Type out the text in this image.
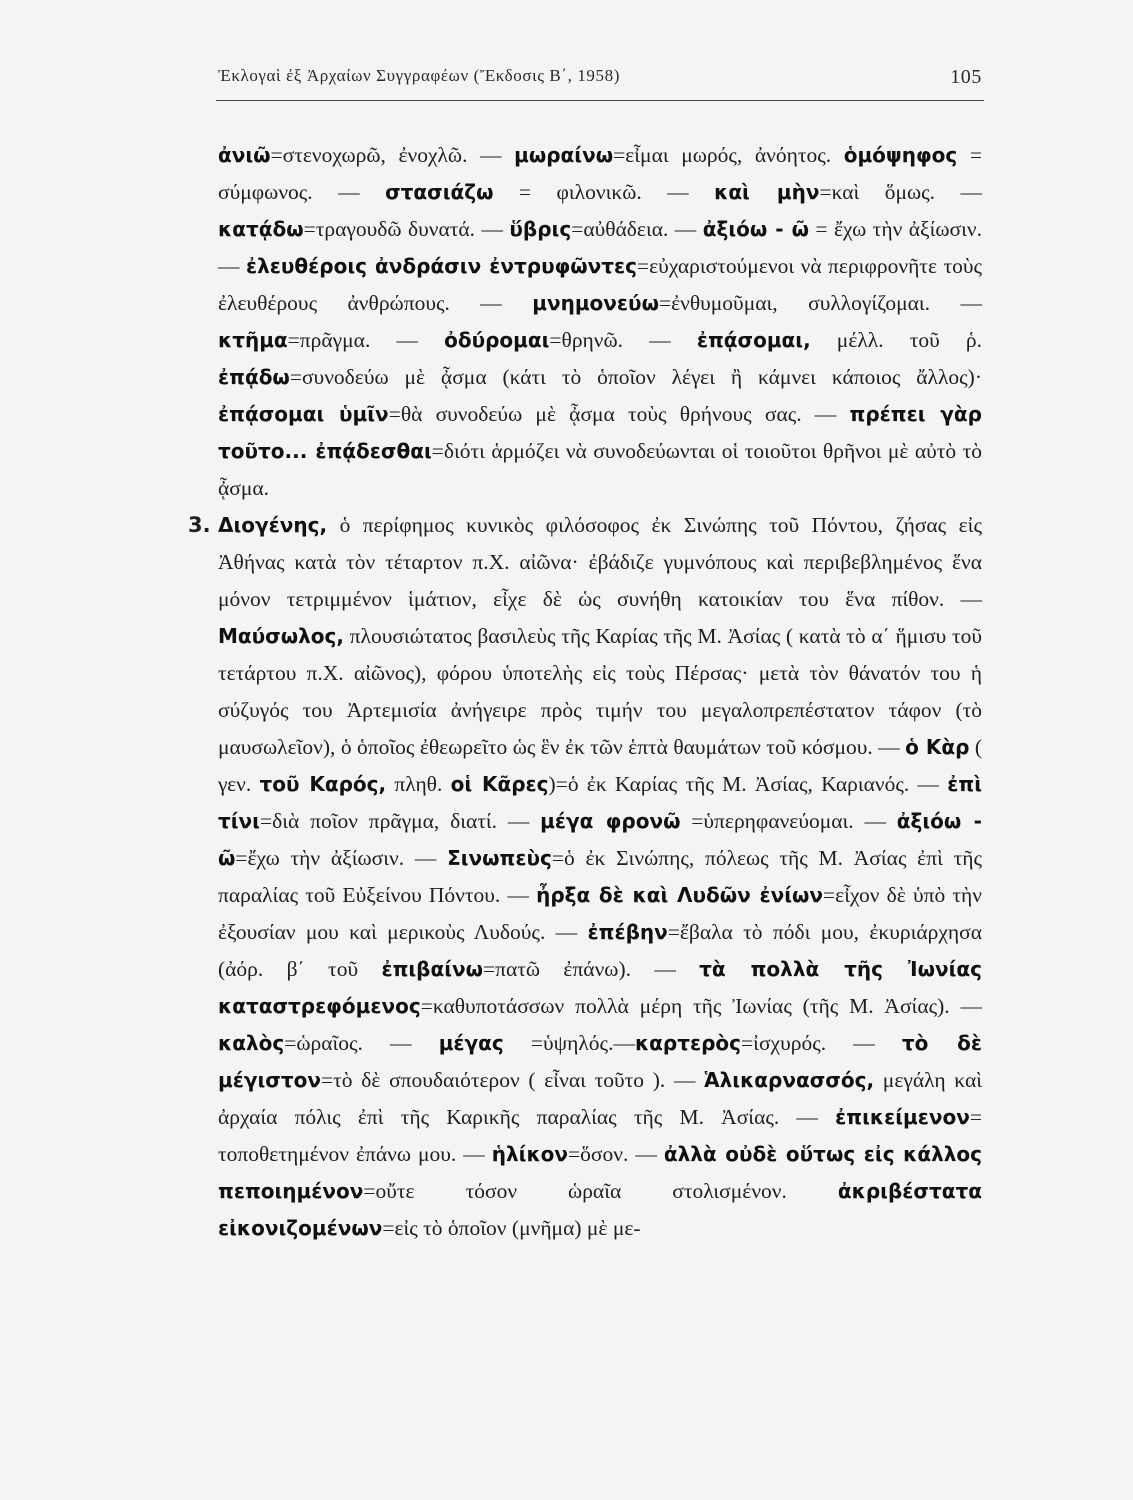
Ἐκλογαὶ ἐξ Ἀρχαίων Συγγραφέων (Ἔκδοσις Β΄, 1958)	105

ἀνιῶ=στενοχωρῶ, ἐνοχλῶ. — μωραίνω=εἶμαι μωρός, ἀνόητος. ὁμόψηφος = σύμφωνος. — στασιάζω = φιλονικῶ. — καὶ μὴν=καὶ ὅμως. — κατᾴδω=τραγουδῶ δυνατά. — ὕβρις=αὐθάδεια. — ἀξιόω - ῶ = ἔχω τὴν ἀξίωσιν. — ἐλευθέροις ἀνδράσιν ἐντρυφῶντες=εὐχαριστούμενοι νὰ περιφρονῆτε τοὺς ἐλευθέρους ἀνθρώπους. — μνημονεύω=ἐνθυμοῦμαι, συλλογίζομαι. — κτῆμα=πρᾶγμα. — ὀδύρομαι=θρηνῶ. — ἐπᾴσομαι, μέλλ. τοῦ ῥ. ἐπᾴδω=συνοδεύω μὲ ᾆσμα (κάτι τὸ ὁποῖον λέγει ἢ κάμνει κάποιος ἄλλος)· ἐπᾴσομαι ὑμῖν=θὰ συνοδεύω μὲ ᾆσμα τοὺς θρήνους σας. — πρέπει γὰρ τοῦτο... ἐπᾴδεσθαι=διότι ἁρμόζει νὰ συνοδεύωνται οἱ τοιοῦτοι θρῆνοι μὲ αὐτὸ τὸ ᾆσμα.

3. Διογένης, ὁ περίφημος κυνικὸς φιλόσοφος ἐκ Σινώπης τοῦ Πόντου, ζήσας εἰς Ἀθήνας κατὰ τὸν τέταρτον π.Χ. αἰῶνα· ἐβάδιζε γυμνόπους καὶ περιβεβλημένος ἕνα μόνον τετριμμένον ἱμάτιον, εἶχε δὲ ὡς συνήθη κατοικίαν του ἕνα πίθον. — Μαύσωλος, πλουσιώτατος βασιλεὺς τῆς Καρίας τῆς Μ. Ἀσίας ( κατὰ τὸ α΄ ἥμισυ τοῦ τετάρτου π.Χ. αἰῶνος), φόρου ὑποτελὴς εἰς τοὺς Πέρσας· μετὰ τὸν θάνατόν του ἡ σύζυγός του Ἀρτεμισία ἀνήγειρε πρὸς τιμήν του μεγαλοπρεπέστατον τάφον (τὸ μαυσωλεῖον), ὁ ὁποῖος ἐθεωρεῖτο ὡς ἓν ἐκ τῶν ἑπτὰ θαυμάτων τοῦ κόσμου. — ὁ Κὰρ ( γεν. τοῦ Καρός, πληθ. οἱ Κᾶρες)=ὁ ἐκ Καρίας τῆς Μ. Ἀσίας, Καριανός. — ἐπὶ τίνι=διὰ ποῖον πρᾶγμα, διατί. — μέγα φρονῶ =ὑπερηφανεύομαι. — ἀξιόω - ῶ=ἔχω τὴν ἀξίωσιν. — Σινωπεὺς=ὁ ἐκ Σινώπης, πόλεως τῆς Μ. Ἀσίας ἐπὶ τῆς παραλίας τοῦ Εὐξείνου Πόντου. — ἦρξα δὲ καὶ Λυδῶν ἐνίων=εἶχον δὲ ὑπὸ τὴν ἐξουσίαν μου καὶ μερικοὺς Λυδούς. — ἐπέβην=ἔβαλα τὸ πόδι μου, ἐκυριάρχησα (ἀόρ. β΄ τοῦ ἐπιβαίνω=πατῶ ἐπάνω). — τὰ πολλὰ τῆς Ἰωνίας καταστρεφόμενος=καθυποτάσσων πολλὰ μέρη τῆς Ἰωνίας (τῆς Μ. Ἀσίας). — καλὸς=ὡραῖος. — μέγας =ὑψηλός.—καρτερὸς=ἰσχυρός. — τὸ δὲ μέγιστον=τὸ δὲ σπουδαιότερον ( εἶναι τοῦτο ). — Ἁλικαρνασσός, μεγάλη καὶ ἀρχαία πόλις ἐπὶ τῆς Καρικῆς παραλίας τῆς Μ. Ἀσίας. — ἐπικείμενον= τοποθετημένον ἐπάνω μου. — ἡλίκον=ὅσον. — ἀλλὰ οὐδὲ οὕτως εἰς κάλλος πεποιημένον=οὔτε τόσον ὡραῖα στολισμένον. ἀκριβέστατα εἰκονιζομένων=εἰς τὸ ὁποῖον (μνῆμα) μὲ με-
